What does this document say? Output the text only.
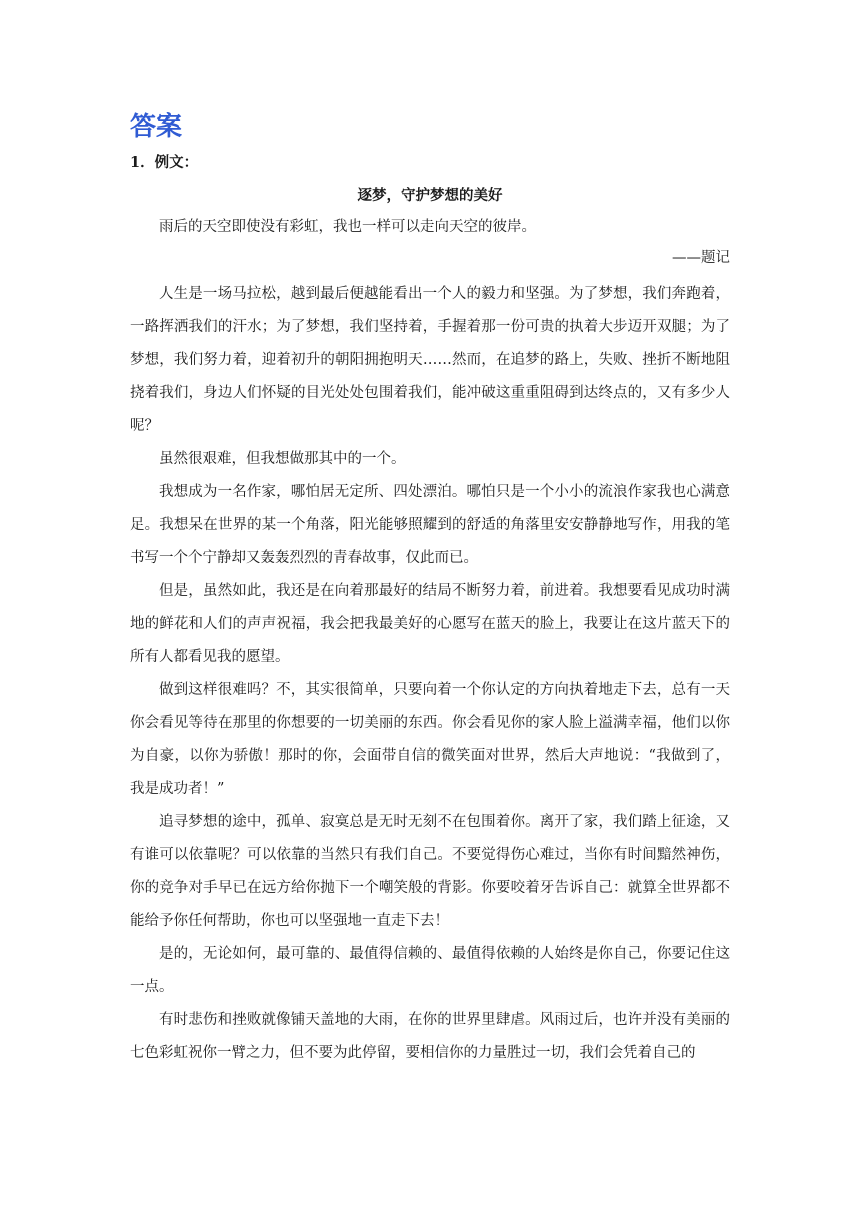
答案
1．例文：
逐梦，守护梦想的美好
雨后的天空即使没有彩虹，我也一样可以走向天空的彼岸。
——题记

人生是一场马拉松，越到最后便越能看出一个人的毅力和坚强。为了梦想，我们奔跑着，一路挥洒我们的汗水；为了梦想，我们坚持着，手握着那一份可贵的执着大步迈开双腿；为了梦想，我们努力着，迎着初升的朝阳拥抱明天……然而，在追梦的路上，失败、挫折不断地阻挠着我们，身边人们怀疑的目光处处包围着我们，能冲破这重重阻碍到达终点的，又有多少人呢？

虽然很艰难，但我想做那其中的一个。

我想成为一名作家，哪怕居无定所、四处漂泊。哪怕只是一个小小的流浪作家我也心满意足。我想呆在世界的某一个角落，阳光能够照耀到的舒适的角落里安安静静地写作，用我的笔书写一个个宁静却又轰轰烈烈的青春故事，仅此而已。

但是，虽然如此，我还是在向着那最好的结局不断努力着，前进着。我想要看见成功时满地的鲜花和人们的声声祝福，我会把我最美好的心愿写在蓝天的脸上，我要让在这片蓝天下的所有人都看见我的愿望。

做到这样很难吗？不，其实很简单，只要向着一个你认定的方向执着地走下去，总有一天你会看见等待在那里的你想要的一切美丽的东西。你会看见你的家人脸上溢满幸福，他们以你为自豪，以你为骄傲！那时的你，会面带自信的微笑面对世界，然后大声地说：“我做到了，我是成功者！”

追寻梦想的途中，孤单、寂寞总是无时无刻不在包围着你。离开了家，我们踏上征途，又有谁可以依靠呢？可以依靠的当然只有我们自己。不要觉得伤心难过，当你有时间黯然神伤，你的竞争对手早已在远方给你抛下一个嘲笑般的背影。你要咬着牙告诉自己：就算全世界都不能给予你任何帮助，你也可以坚强地一直走下去！

是的，无论如何，最可靠的、最值得信赖的、最值得依赖的人始终是你自己，你要记住这一点。

有时悲伤和挫败就像铺天盖地的大雨，在你的世界里肆虐。风雨过后，也许并没有美丽的七色彩虹祝你一臂之力，但不要为此停留，要相信你的力量胜过一切，我们会凭着自己的
